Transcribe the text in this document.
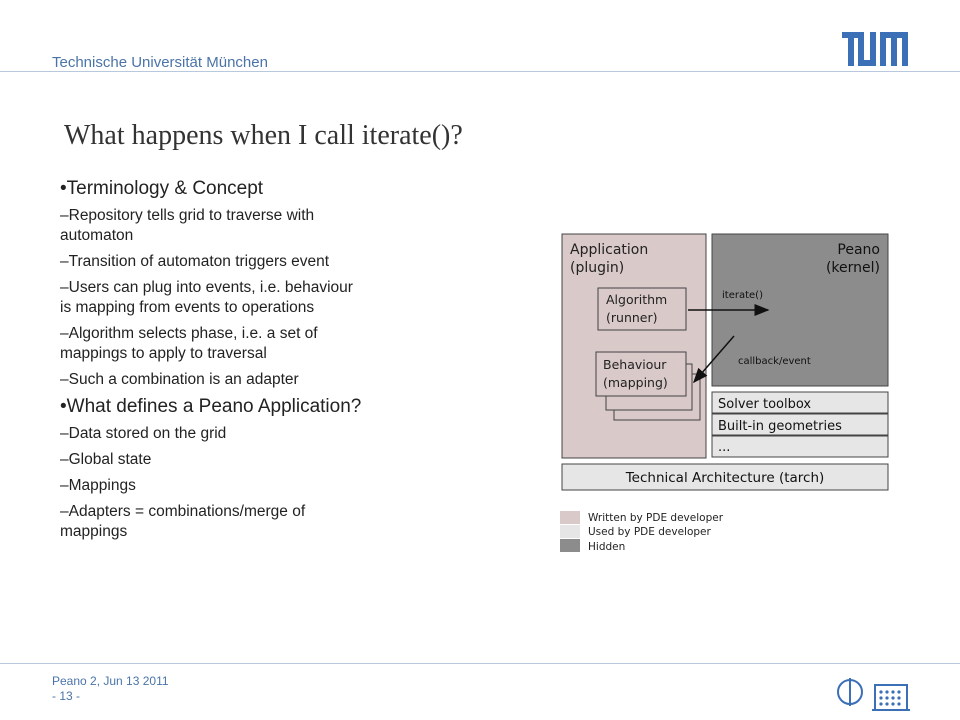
Technische Universität München
What happens when I call iterate()?
•Terminology & Concept
–Repository tells grid to traverse with automaton
–Transition of automaton triggers event
–Users can plug into events, i.e. behaviour is mapping from events to operations
–Algorithm selects phase, i.e. a set of mappings to apply to traversal
–Such a combination is an adapter
•What defines a Peano Application?
–Data stored on the grid
–Global state
–Mappings
–Adapters = combinations/merge of mappings
Application
(plugin)
Peano
(kernel)
Algorithm
(runner)
Behaviour
(mapping)
iterate()
callback/event
Solver toolbox
Built-in geometries
...
Technical Architecture (tarch)
Written by PDE developer
Used by PDE developer
Hidden
Peano 2, Jun 13 2011
- 13 -
